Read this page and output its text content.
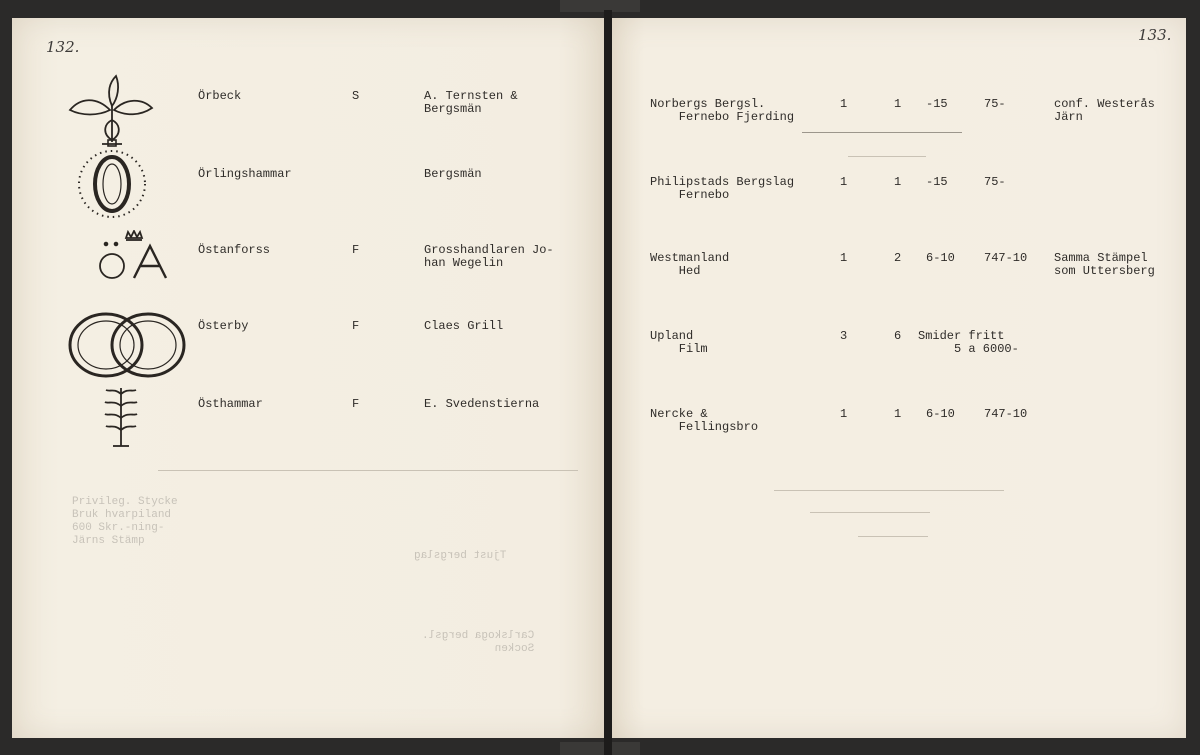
132.
Privileg. Stycke
Bruk hvarpiland
600 Skr.-ning-
Järns Stämp
Tjust bergslag
Carlskoga bergsl.
Socken
Örbeck	S	A. Ternsten &
Bergsmän
Örlingshammar	Bergsmän
Östanforss	F	Grosshandlaren Jo-
han Wegelin
Österby	F	Claes Grill
Östhammar	F	E. Svedenstierna
133.
Norbergs Bergsl.
Fernebo Fjerding
1	1 -15	75-	conf. Westerås
Järn
Philipstads Bergslag
Fernebo
1	1 -15	75-
Westmanland
Hed
1	2 6-10 747-10 Samma Stämpel
som Uttersberg
Upland
Film
3	6 Smider fritt
5 a 6000-
Nercke &
Fellingsbro
1	1 6-10 747-10
